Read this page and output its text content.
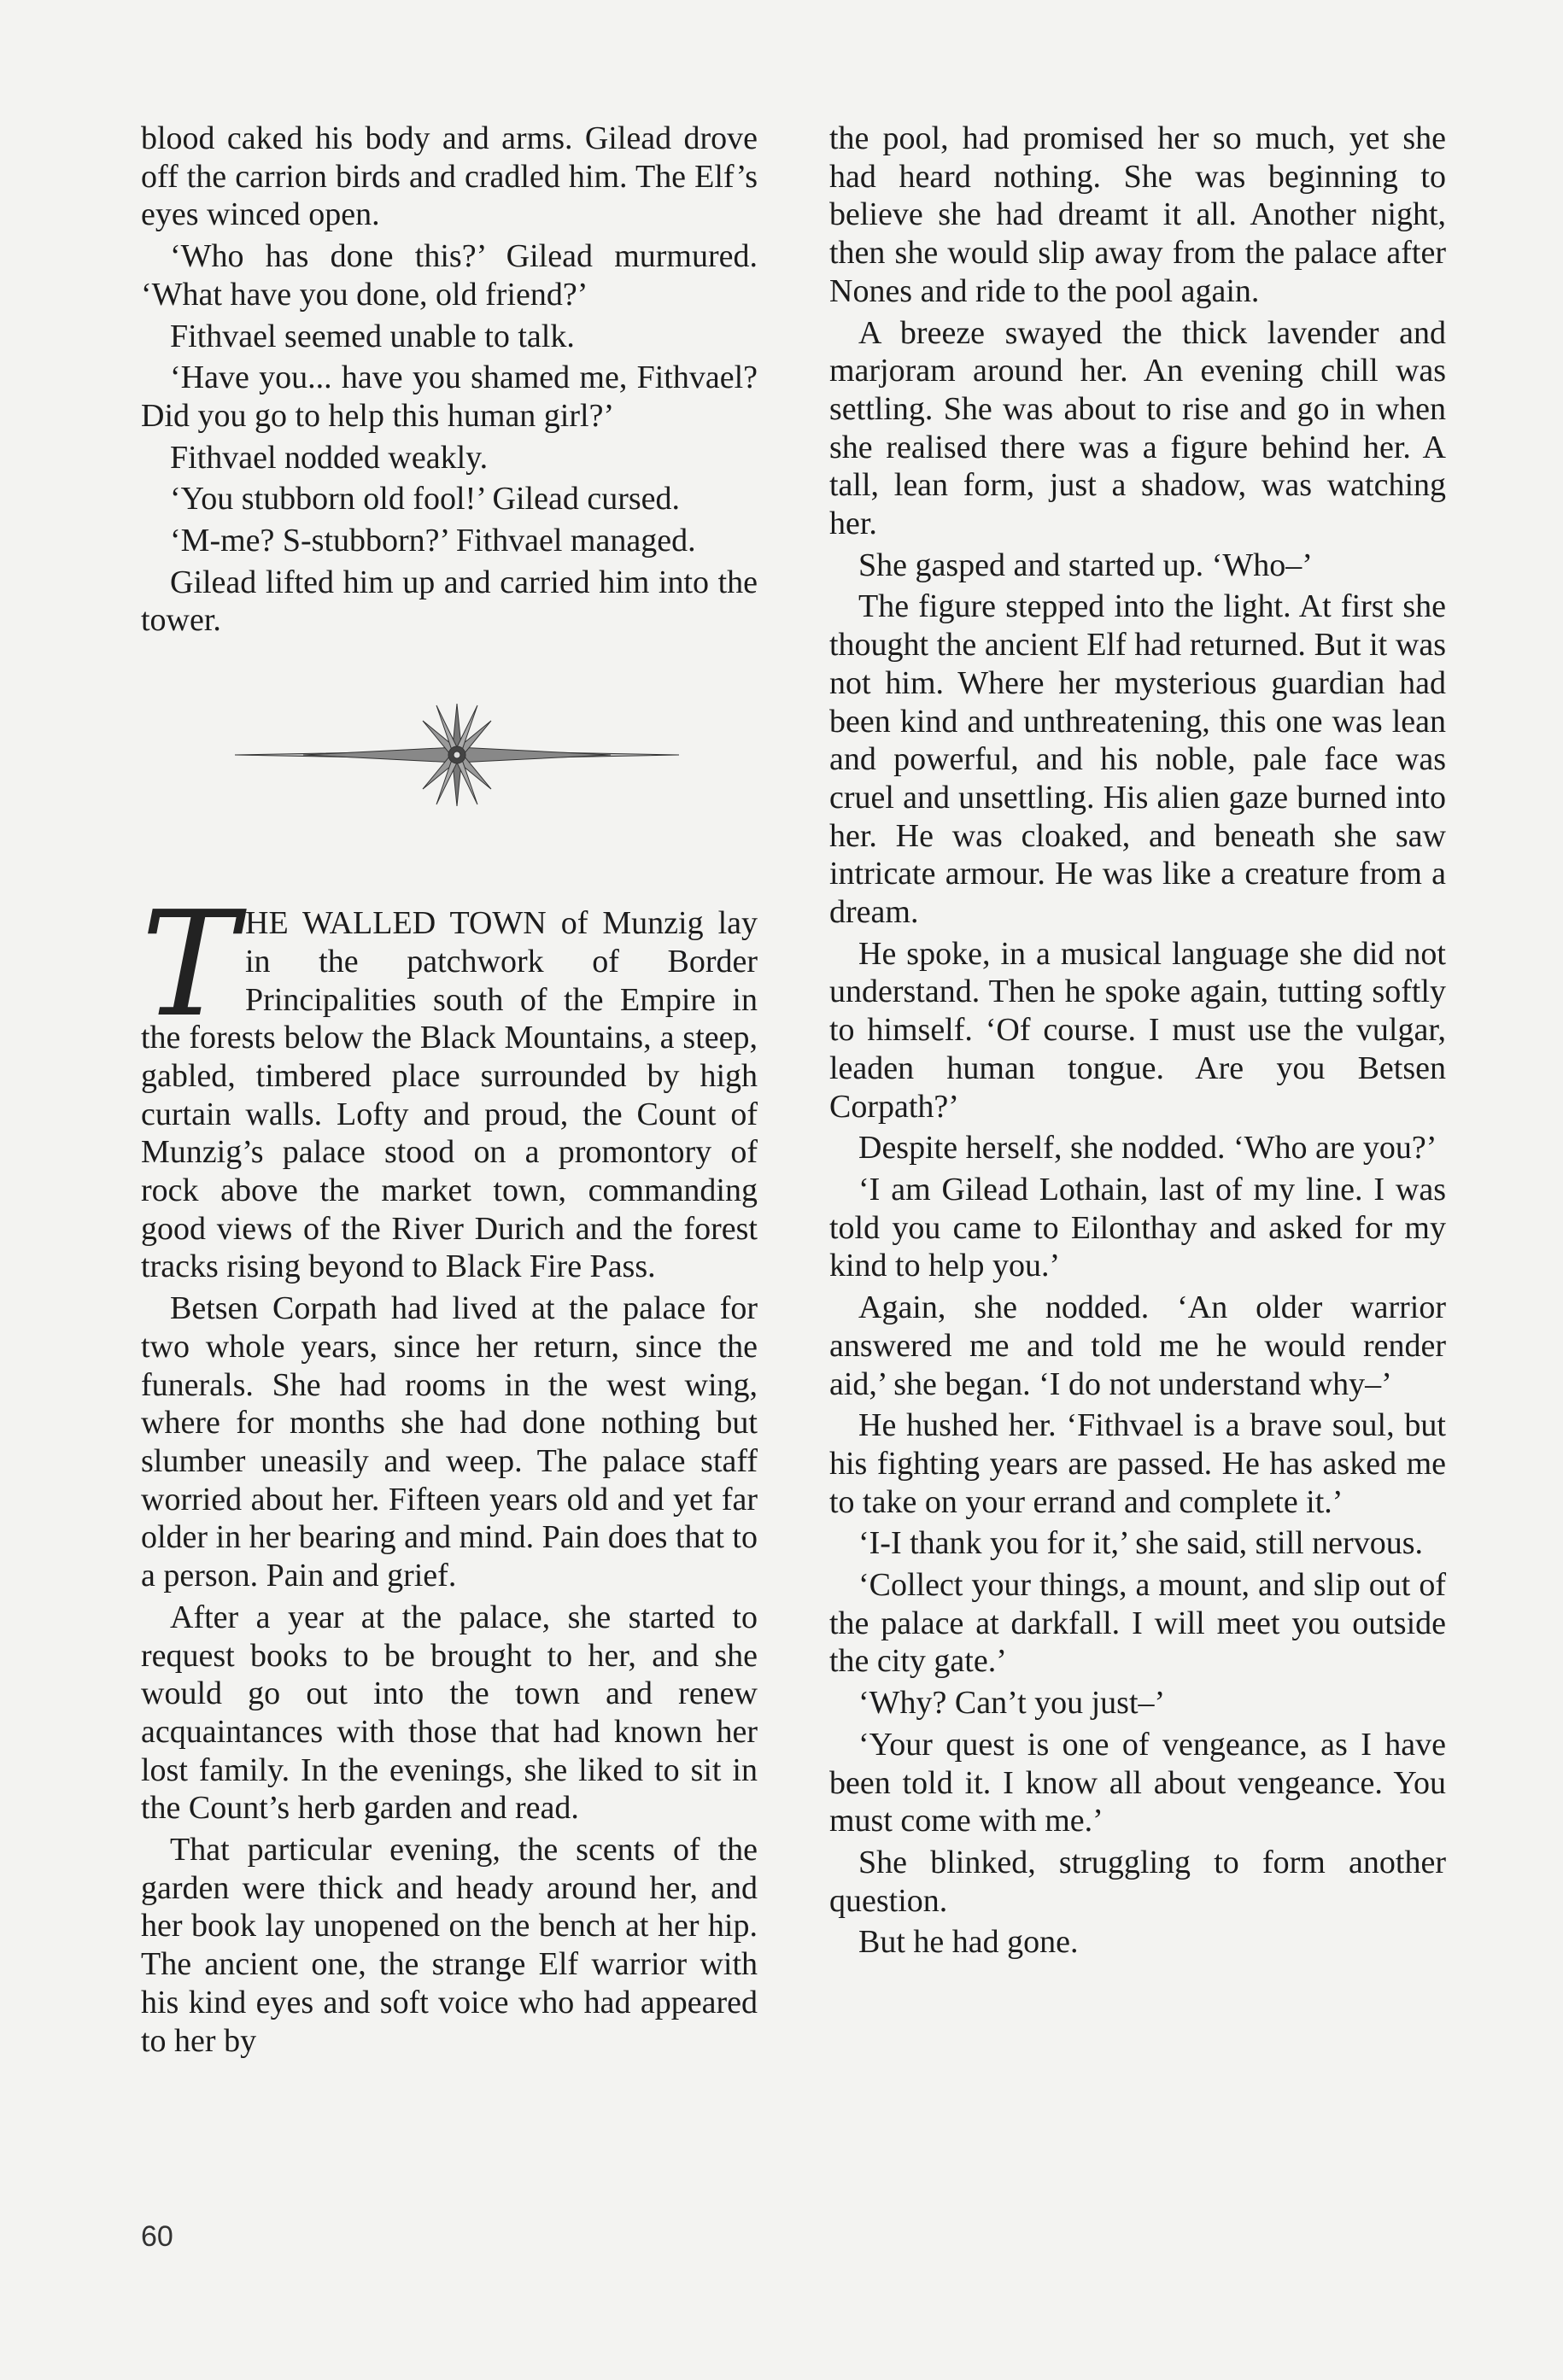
blood caked his body and arms. Gilead drove off the carrion birds and cradled him. The Elf’s eyes winced open.

‘Who has done this?’ Gilead murmured. ‘What have you done, old friend?’

Fithvael seemed unable to talk.

‘Have you... have you shamed me, Fithvael? Did you go to help this human girl?’

Fithvael nodded weakly.

‘You stubborn old fool!’ Gilead cursed.

‘M-me? S-stubborn?’ Fithvael managed.

Gilead lifted him up and carried him into the tower.

THE WALLED TOWN of Munzig lay in the patchwork of Border Principalities south of the Empire in the forests below the Black Mountains, a steep, gabled, timbered place surrounded by high curtain walls. Lofty and proud, the Count of Munzig’s palace stood on a promontory of rock above the market town, commanding good views of the River Durich and the forest tracks rising beyond to Black Fire Pass.

Betsen Corpath had lived at the palace for two whole years, since her return, since the funerals. She had rooms in the west wing, where for months she had done nothing but slumber uneasily and weep. The palace staff worried about her. Fifteen years old and yet far older in her bearing and mind. Pain does that to a person. Pain and grief.

After a year at the palace, she started to request books to be brought to her, and she would go out into the town and renew acquaintances with those that had known her lost family. In the evenings, she liked to sit in the Count’s herb garden and read.

That particular evening, the scents of the garden were thick and heady around her, and her book lay unopened on the bench at her hip. The ancient one, the strange Elf warrior with his kind eyes and soft voice who had appeared to her by

the pool, had promised her so much, yet she had heard nothing. She was beginning to believe she had dreamt it all. Another night, then she would slip away from the palace after Nones and ride to the pool again.

A breeze swayed the thick lavender and marjoram around her. An evening chill was settling. She was about to rise and go in when she realised there was a figure behind her. A tall, lean form, just a shadow, was watching her.

She gasped and started up. ‘Who–’

The figure stepped into the light. At first she thought the ancient Elf had returned. But it was not him. Where her mysterious guardian had been kind and unthreatening, this one was lean and powerful, and his noble, pale face was cruel and unsettling. His alien gaze burned into her. He was cloaked, and beneath she saw intricate armour. He was like a creature from a dream.

He spoke, in a musical language she did not understand. Then he spoke again, tutting softly to himself. ‘Of course. I must use the vulgar, leaden human tongue. Are you Betsen Corpath?’

Despite herself, she nodded. ‘Who are you?’

‘I am Gilead Lothain, last of my line. I was told you came to Eilonthay and asked for my kind to help you.’

Again, she nodded. ‘An older warrior answered me and told me he would render aid,’ she began. ‘I do not understand why–’

He hushed her. ‘Fithvael is a brave soul, but his fighting years are passed. He has asked me to take on your errand and complete it.’

‘I-I thank you for it,’ she said, still nervous.

‘Collect your things, a mount, and slip out of the palace at darkfall. I will meet you outside the city gate.’

‘Why? Can’t you just–’

‘Your quest is one of vengeance, as I have been told it. I know all about vengeance. You must come with me.’

She blinked, struggling to form another question.

But he had gone.

60
